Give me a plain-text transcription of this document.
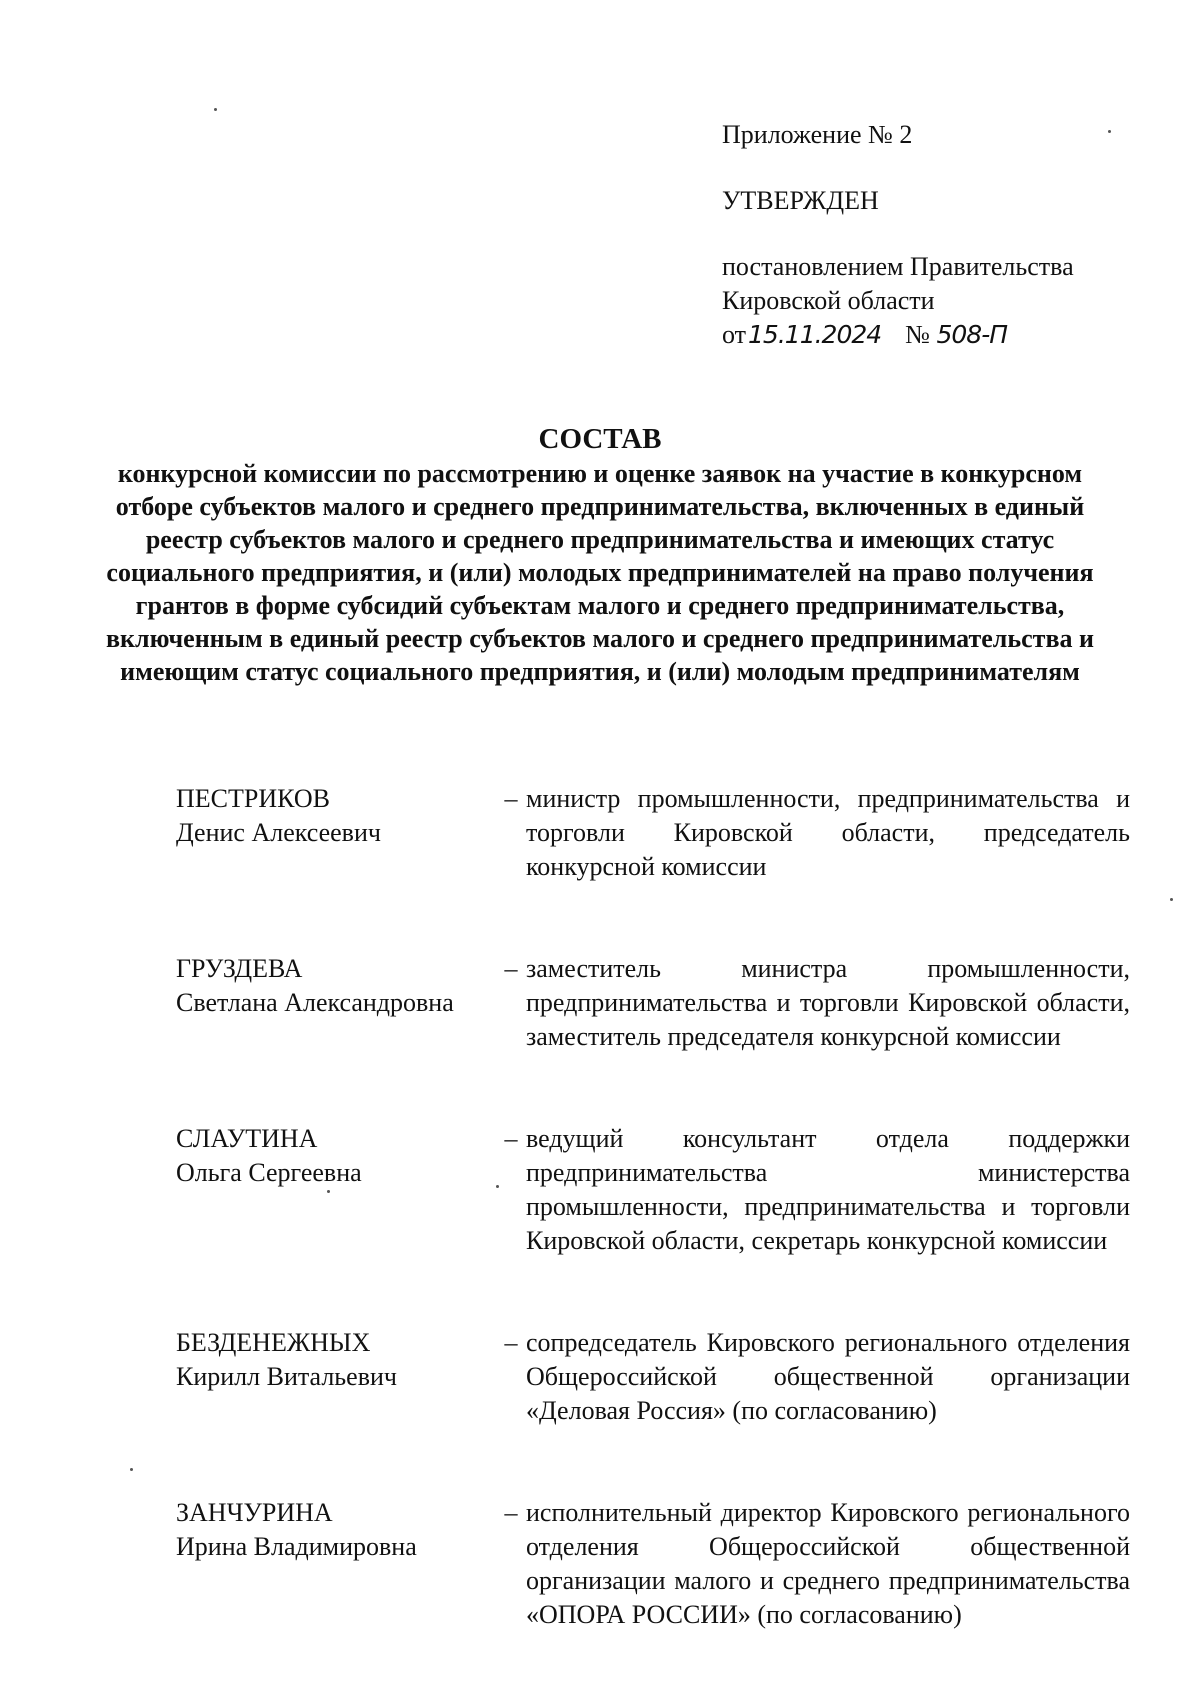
Приложение № 2
УТВЕРЖДЕН
постановлением Правительства
Кировской области
от15.11.2024 № 508-П
СОСТАВ

конкурсной комиссии по рассмотрению и оценке заявок на участие в конкурсном отборе субъектов малого и среднего предпринимательства, включенных в единый реестр субъектов малого и среднего предпринимательства и имеющих статус социального предприятия, и (или) молодых предпринимателей на право получения грантов в форме субсидий субъектам малого и среднего предпринимательства, включенным в единый реестр субъектов малого и среднего предпринимательства и имеющим статус социального предприятия, и (или) молодым предпринимателям

ПЕСТРИКОВ
Денис Алексеевич
– министр промышленности, предпринимательства и торговли Кировской области, председатель конкурсной комиссии
ГРУЗДЕВА
Светлана Александровна
– заместитель министра промышленности, предпринимательства и торговли Кировской области, заместитель председателя конкурсной комиссии
СЛАУТИНА
Ольга Сергеевна
– ведущий консультант отдела поддержки предпринимательства министерства промышленности, предпринимательства и торговли Кировской области, секретарь конкурсной комиссии
БЕЗДЕНЕЖНЫХ
Кирилл Витальевич
– сопредседатель Кировского регионального отделения Общероссийской общественной организации «Деловая Россия» (по согласованию)
ЗАНЧУРИНА
Ирина Владимировна
– исполнительный директор Кировского регионального отделения Общероссийской общественной организации малого и среднего предпринимательства «ОПОРА РОССИИ» (по согласованию)
